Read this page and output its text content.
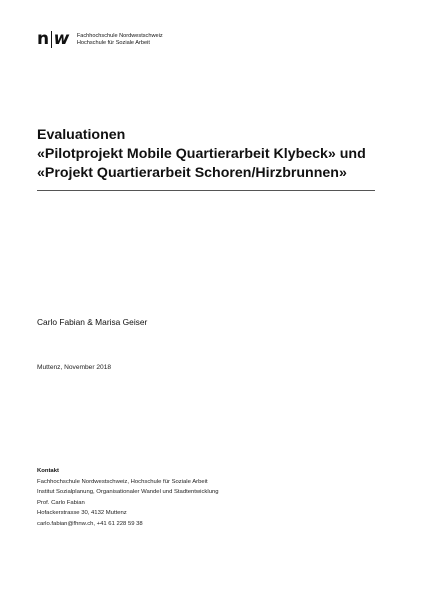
n w Fachhochschule Nordwestschweiz
Hochschule für Soziale Arbeit
Evaluationen
«Pilotprojekt Mobile Quartierarbeit Klybeck» und
«Projekt Quartierarbeit Schoren/Hirzbrunnen»
Carlo Fabian & Marisa Geiser
Muttenz, November 2018
Kontakt
Fachhochschule Nordwestschweiz, Hochschule für Soziale Arbeit
Institut Sozialplanung, Organisationaler Wandel und Stadtentwicklung
Prof. Carlo Fabian
Hofackerstrasse 30, 4132 Muttenz
carlo.fabian@fhnw.ch, +41 61 228 59 38
